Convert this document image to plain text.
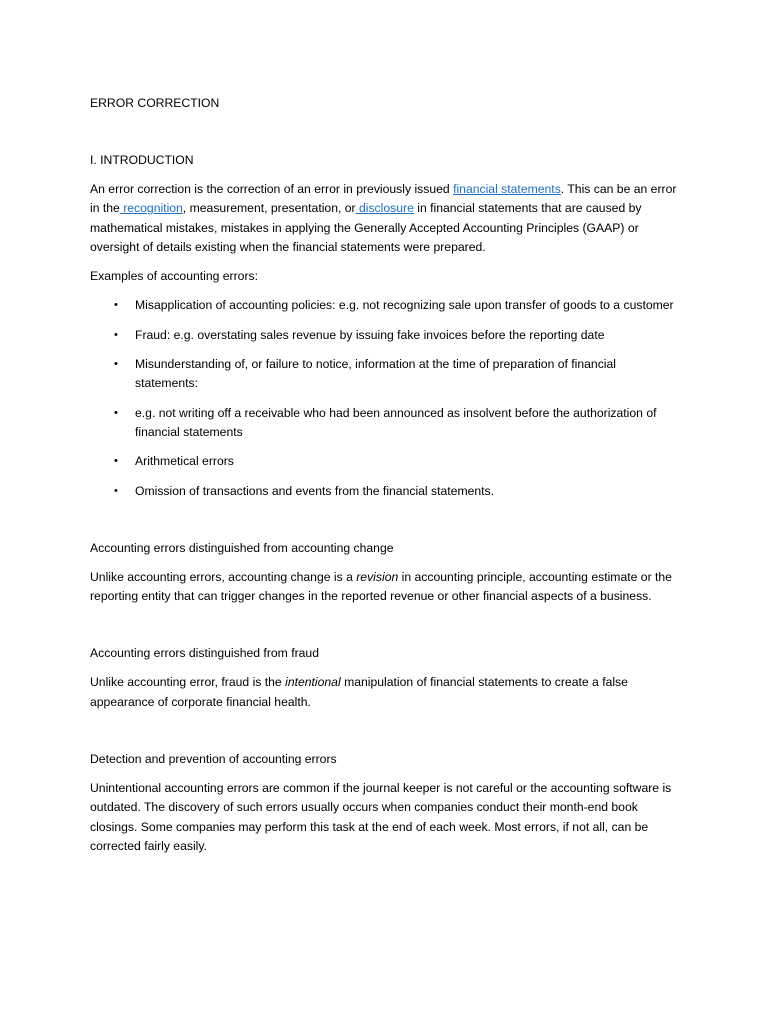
ERROR CORRECTION
I. INTRODUCTION

An error correction is the correction of an error in previously issued financial statements. This can be an error in the recognition, measurement, presentation, or disclosure in financial statements that are caused by mathematical mistakes, mistakes in applying the Generally Accepted Accounting Principles (GAAP) or oversight of details existing when the financial statements were prepared.

Examples of accounting errors:

• Misapplication of accounting policies: e.g. not recognizing sale upon transfer of goods to a customer
• Fraud: e.g. overstating sales revenue by issuing fake invoices before the reporting date
• Misunderstanding of, or failure to notice, information at the time of preparation of financial statements:
• e.g. not writing off a receivable who had been announced as insolvent before the authorization of financial statements
• Arithmetical errors
• Omission of transactions and events from the financial statements.
Accounting errors distinguished from accounting change

Unlike accounting errors, accounting change is a revision in accounting principle, accounting estimate or the reporting entity that can trigger changes in the reported revenue or other financial aspects of a business.

Accounting errors distinguished from fraud

Unlike accounting error, fraud is the intentional manipulation of financial statements to create a false appearance of corporate financial health.

Detection and prevention of accounting errors

Unintentional accounting errors are common if the journal keeper is not careful or the accounting software is outdated. The discovery of such errors usually occurs when companies conduct their month-end book closings. Some companies may perform this task at the end of each week. Most errors, if not all, can be corrected fairly easily.
